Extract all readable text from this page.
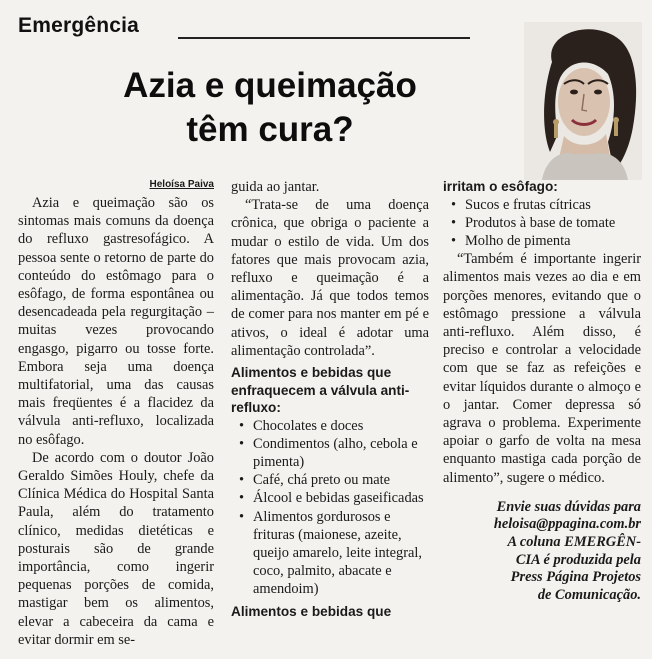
Emergência
Azia e queimação
têm cura?
Heloísa Paiva

Azia e queimação são os sintomas mais comuns da doença do refluxo gastresofágico. A pessoa sente o retorno de parte do conteúdo do estômago para o esôfago, de forma espontânea ou desencadeada pela regurgitação – muitas vezes provocando engasgo, pigarro ou tosse forte. Embora seja uma doença multifatorial, uma das causas mais freqüentes é a flacidez da válvula anti-refluxo, localizada no esôfago.

De acordo com o doutor João Geraldo Simões Houly, chefe da Clínica Médica do Hospital Santa Paula, além do tratamento clínico, medidas dietéticas e posturais são de grande importância, como ingerir pequenas porções de comida, mastigar bem os alimentos, elevar a cabeceira da cama e evitar dormir em se-

guida ao jantar.

“Trata-se de uma doença crônica, que obriga o paciente a mudar o estilo de vida. Um dos fatores que mais provocam azia, refluxo e queimação é a alimentação. Já que todos temos de comer para nos manter em pé e ativos, o ideal é adotar uma alimentação controlada”.

Alimentos e bebidas que enfraquecem a válvula anti-refluxo:
• Chocolates e doces
• Condimentos (alho, cebola e pimenta)
• Café, chá preto ou mate
• Álcool e bebidas gaseificadas
• Alimentos gordurosos e frituras (maionese, azeite, queijo amarelo, leite integral, coco, palmito, abacate e amendoim)
Alimentos e bebidas que
irritam o esôfago:
• Sucos e frutas cítricas
• Produtos à base de tomate
• Molho de pimenta

“Também é importante ingerir alimentos mais vezes ao dia e em porções menores, evitando que o estômago pressione a válvula anti-refluxo. Além disso, é preciso e controlar a velocidade com que se faz as refeições e evitar líquidos durante o almoço e o jantar. Comer depressa só agrava o problema. Experimente apoiar o garfo de volta na mesa enquanto mastiga cada porção de alimento”, sugere o médico.

Envie suas dúvidas para
heloisa@ppagina.com.br
A coluna EMERGÊN-
CIA é produzida pela
Press Página Projetos
de Comunicação.
